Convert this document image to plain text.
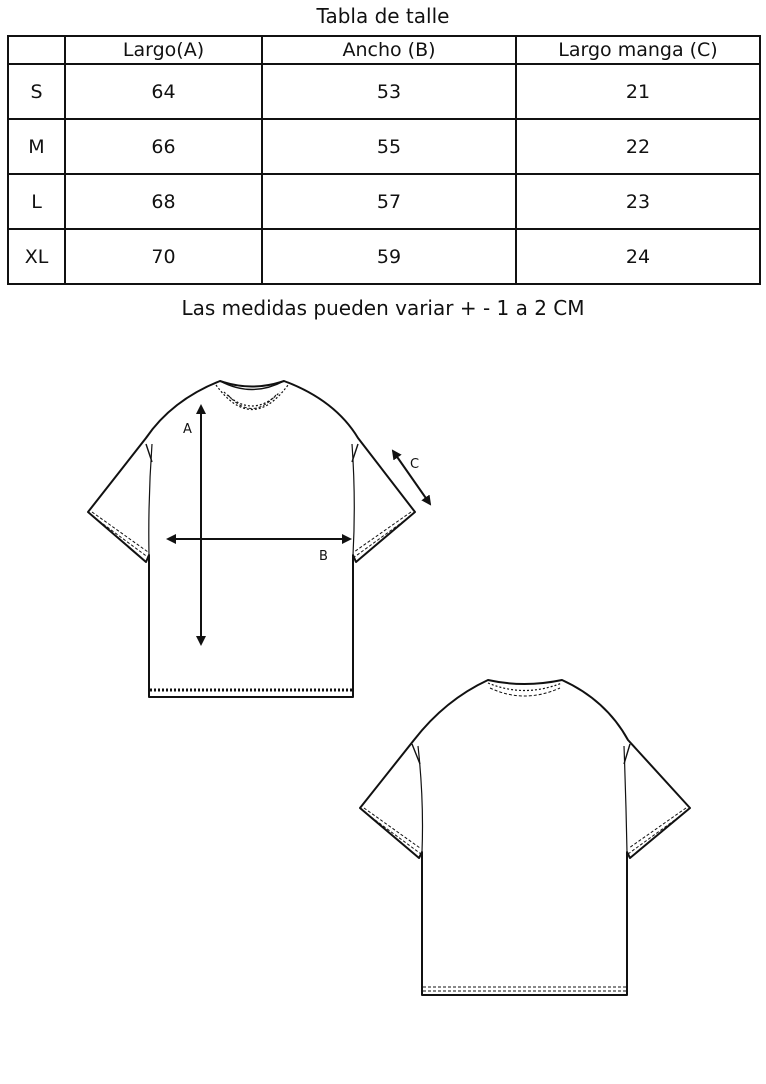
Tabla de talle
	Largo(A)	Ancho (B)	Largo manga (C)
S	64	53	21
M	66	55	22
L	68	57	23
XL	70	59	24
Las medidas pueden variar + - 1 a 2 CM
A
B
C
